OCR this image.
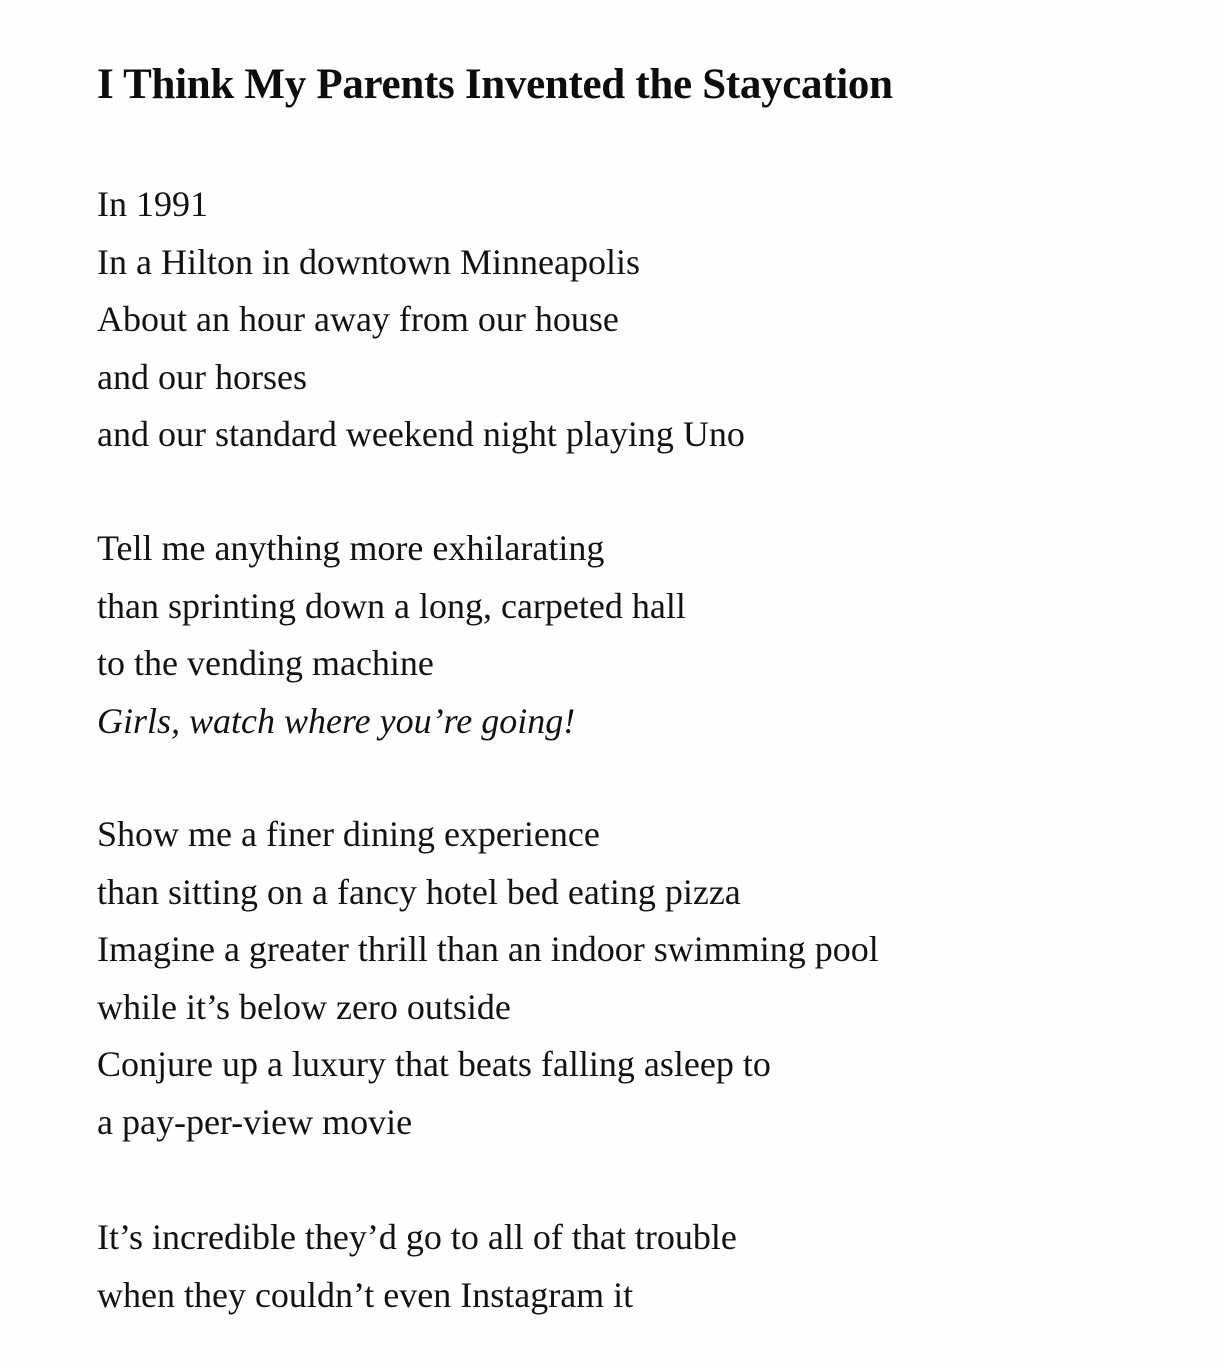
I Think My Parents Invented the Staycation
In 1991
In a Hilton in downtown Minneapolis
About an hour away from our house
and our horses
and our standard weekend night playing Uno
Tell me anything more exhilarating
than sprinting down a long, carpeted hall
to the vending machine
Girls, watch where you’re going!
Show me a finer dining experience
than sitting on a fancy hotel bed eating pizza
Imagine a greater thrill than an indoor swimming pool
while it’s below zero outside
Conjure up a luxury that beats falling asleep to
a pay-per-view movie
It’s incredible they’d go to all of that trouble
when they couldn’t even Instagram it
